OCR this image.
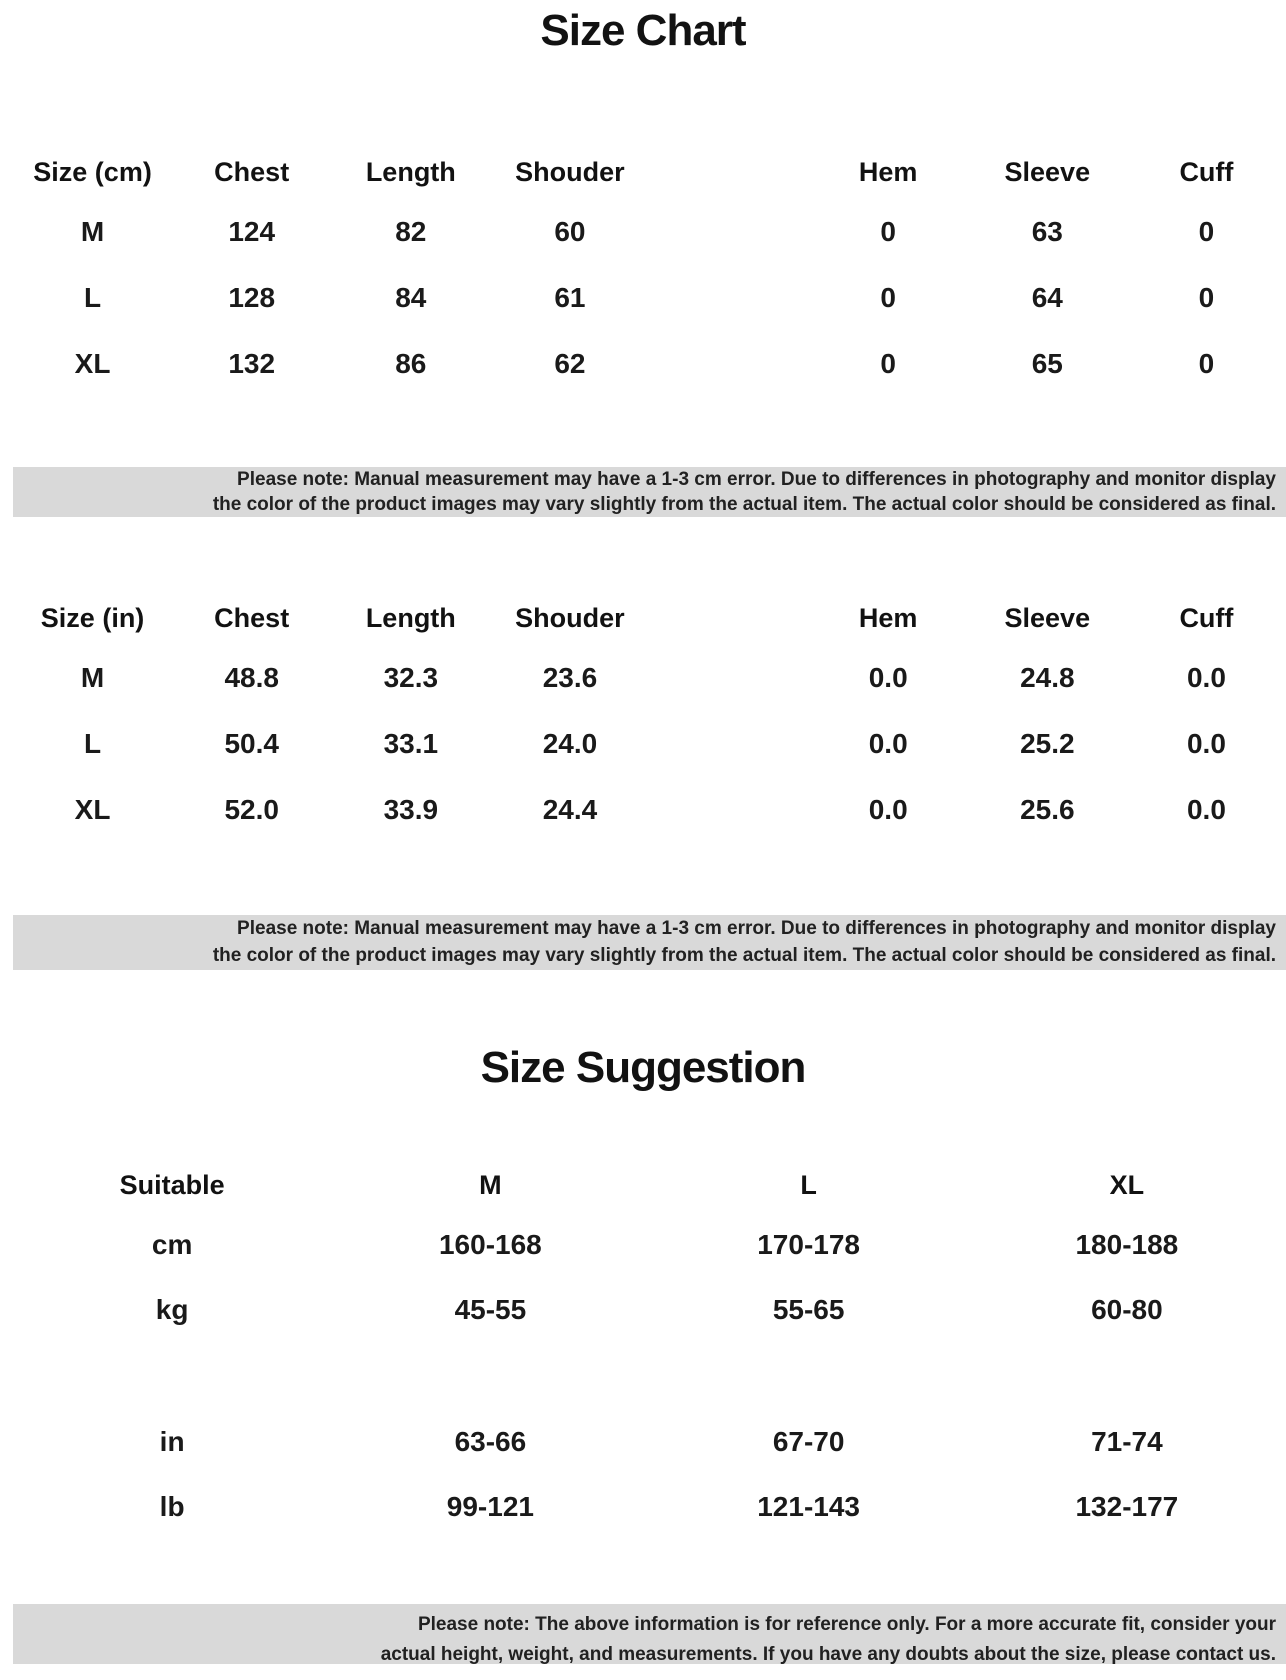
Size Chart
Size (cm)	Chest	Length	Shouder	Hem	Sleeve	Cuff
M	124	82	60	0	63	0
L	128	84	61	0	64	0
XL	132	86	62	0	65	0
Please note: Manual measurement may have a 1-3 cm error. Due to differences in photography and monitor display
the color of the product images may vary slightly from the actual item. The actual color should be considered as final.
Size (in)	Chest	Length	Shouder	Hem	Sleeve	Cuff
M	48.8	32.3	23.6	0.0	24.8	0.0
L	50.4	33.1	24.0	0.0	25.2	0.0
XL	52.0	33.9	24.4	0.0	25.6	0.0
Please note: Manual measurement may have a 1-3 cm error. Due to differences in photography and monitor display
the color of the product images may vary slightly from the actual item. The actual color should be considered as final.
Size Suggestion
Suitable	M	L	XL
cm	160-168	170-178	180-188
kg	45-55	55-65	60-80
in	63-66	67-70	71-74
lb	99-121	121-143	132-177
Please note: The above information is for reference only. For a more accurate fit, consider your
actual height, weight, and measurements. If you have any doubts about the size, please contact us.
